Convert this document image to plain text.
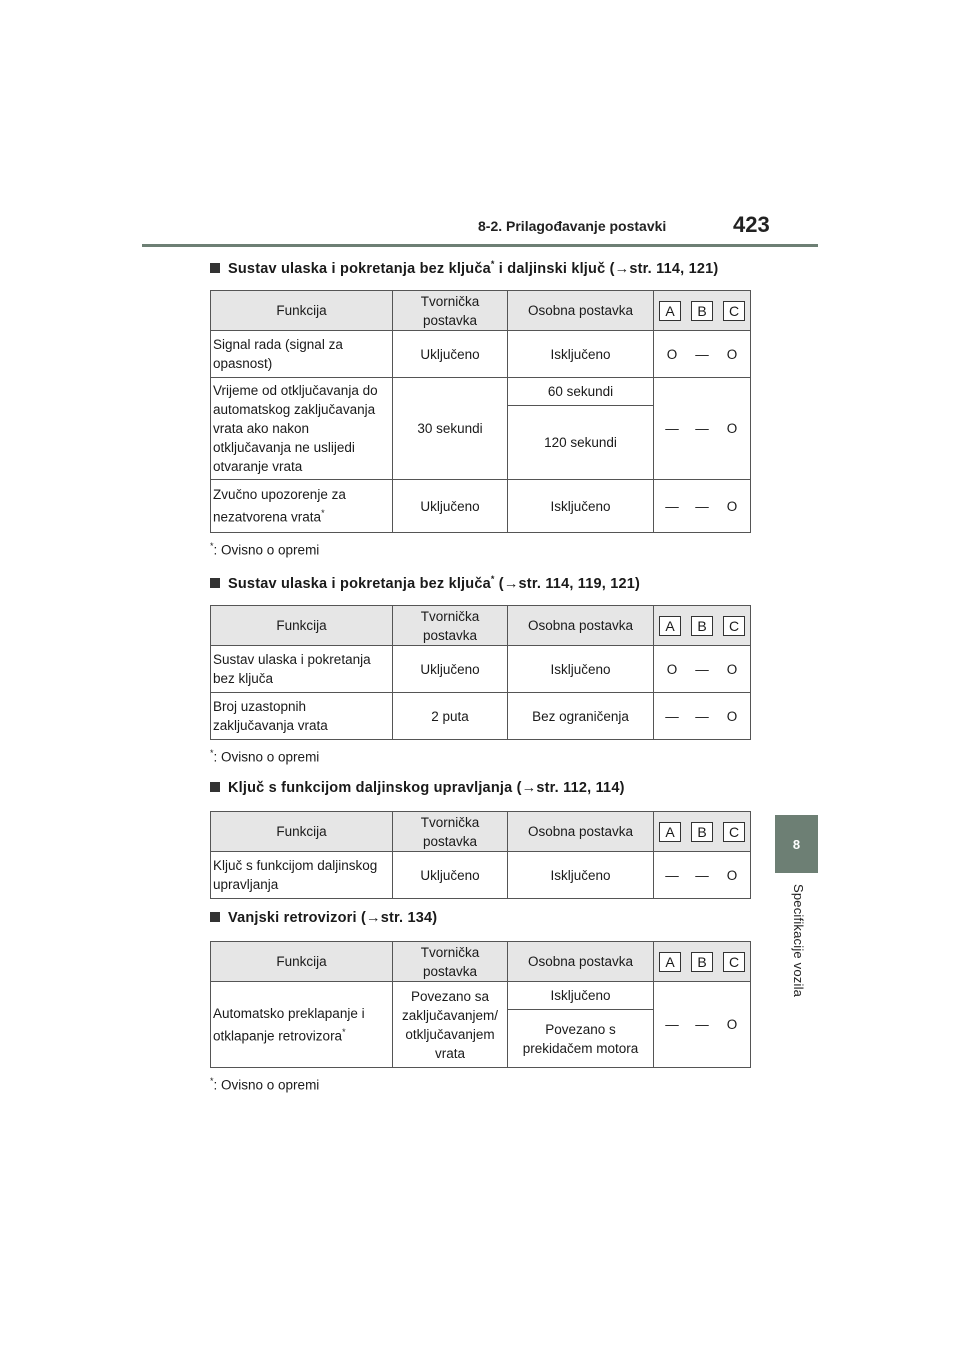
8-2. Prilagođavanje postavki	423
8
Specifikacije vozila
Sustav ulaska i pokretanja bez ključa* i daljinski ključ (→str. 114, 121)
Funkcija	Tvornička postavka	Osobna postavka	A B C

Signal rada (signal za opasnost)	Uključeno	Isključeno	O — O

Vrijeme od otključavanja do automatskog zaključavanja vrata ako nakon otključavanja ne uslijedi otvaranje vrata	30 sekundi	60 sekundi	— — O

		120 sekundi	
Zvučno upozorenje za nezatvorena vrata*	Uključeno	Isključeno	— — O
*: Ovisno o opremi
Sustav ulaska i pokretanja bez ključa* (→str. 114, 119, 121)
Funkcija	Tvornička postavka	Osobna postavka	A B C

Sustav ulaska i pokretanja bez ključa	Uključeno	Isključeno	O — O

Broj uzastopnih zaključavanja vrata	2 puta	Bez ograničenja	— — O
*: Ovisno o opremi
Ključ s funkcijom daljinskog upravljanja (→str. 112, 114)
Funkcija	Tvornička postavka	Osobna postavka	A B C

Ključ s funkcijom daljinskog upravljanja	Uključeno	Isključeno	— — O
Vanjski retrovizori (→str. 134)
Funkcija	Tvornička postavka	Osobna postavka	A B C

Automatsko preklapanje i otklapanje retrovizora*	Povezano sa zaključavanjem/ otključavanjem vrata	Isključeno	— — O

		Povezano s prekidačem motora	
*: Ovisno o opremi
